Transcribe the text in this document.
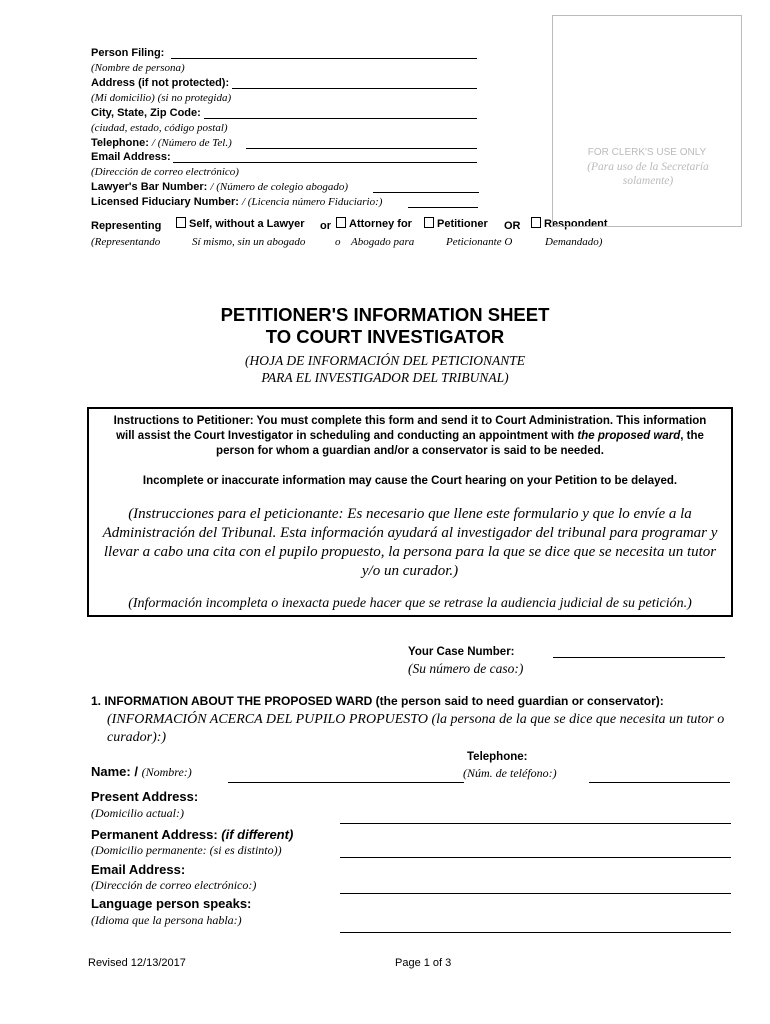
Person Filing:
(Nombre de persona)
Address (if not protected):
(Mi domicilio) (si no protegida)
City, State, Zip Code:
(ciudad, estado, código postal)
Telephone: / (Número de Tel.)
Email Address:
(Dirección de correo electrónico)
Lawyer's Bar Number: / (Número de colegio abogado)
Licensed Fiduciary Number: / (Licencia número Fiduciario:)
Representing
(Representando
Self, without a Lawyer
Sí mismo, sin un abogado
or
o
Attorney for
Abogado para
Petitioner
Peticionante O
OR	Respondent
Demandado)
FOR CLERK'S USE ONLY
(Para uso de la Secretaría solamente)
PETITIONER'S INFORMATION SHEET
TO COURT INVESTIGATOR
(HOJA DE INFORMACIÓN DEL PETICIONANTE
PARA EL INVESTIGADOR DEL TRIBUNAL)
Instructions to Petitioner: You must complete this form and send it to Court Administration. This information will assist the Court Investigator in scheduling and conducting an appointment with the proposed ward, the person for whom a guardian and/or a conservator is said to be needed.
Incomplete or inaccurate information may cause the Court hearing on your Petition to be delayed.
(Instrucciones para el peticionante: Es necesario que llene este formulario y que lo envíe a la Administración del Tribunal. Esta información ayudará al investigador del tribunal para programar y llevar a cabo una cita con el pupilo propuesto, la persona para la que se dice que se necesita un tutor y/o un curador.)
(Información incompleta o inexacta puede hacer que se retrase la audiencia judicial de su petición.)
Your Case Number:
(Su número de caso:)
1. INFORMATION ABOUT THE PROPOSED WARD (the person said to need guardian or conservator):
(INFORMACIÓN ACERCA DEL PUPILO PROPUESTO (la persona de la que se dice que necesita un tutor o curador):)
Name: / (Nombre:)
Telephone:
(Núm. de teléfono:)
Present Address:
(Domicilio actual:)
Permanent Address: (if different)
(Domicilio permanente: (si es distinto))
Email Address:
(Dirección de correo electrónico:)
Language person speaks:
(Idioma que la persona habla:)
Revised 12/13/2017	Page 1 of 3
